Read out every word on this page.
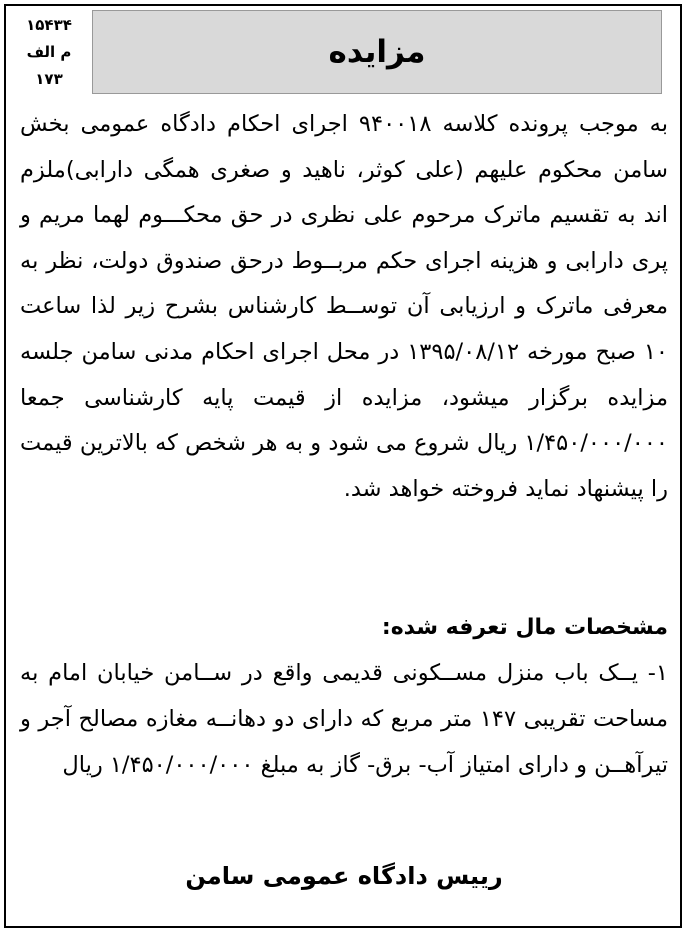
۱۵۴۳۴
م الف
۱۷۳
مزایده

به موجب پرونده کلاسه ۹۴۰۰۱۸ اجرای احکام دادگاه عمومی بخش سامن محکوم علیهم (علی کوثر، ناهید و صغری همگی دارابی)ملزم اند به تقسیم ماترک مرحوم علی نظری در حق محکـــوم لهما مریم و پری دارابی و هزینه اجرای حکم مربــوط درحق صندوق دولت، نظر به معرفی ماترک و ارزیابی آن توســط کارشناس بشرح زیر لذا ساعت ۱۰ صبح مورخه ۱۳۹۵/۰۸/۱۲ در محل اجرای احکام مدنی سامن جلسه مزایده برگزار میشود، مزایده از قیمت پایه کارشناسی جمعا ۱/۴۵۰/۰۰۰/۰۰۰ ریال شروع می شود و به هر شخص که بالاترین قیمت را پیشنهاد نماید فروخته خواهد شد.

مشخصات مال تعرفه شده:

۱- یــک باب منزل مســکونی قدیمی واقع در ســامن خیابان امام به مساحت تقریبی ۱۴۷ متر مربع که دارای دو دهانــه مغازه مصالح آجر و تیرآهــن و دارای امتیاز آب- برق- گاز به مبلغ ۱/۴۵۰/۰۰۰/۰۰۰ ریال

رییس دادگاه عمومی سامن
